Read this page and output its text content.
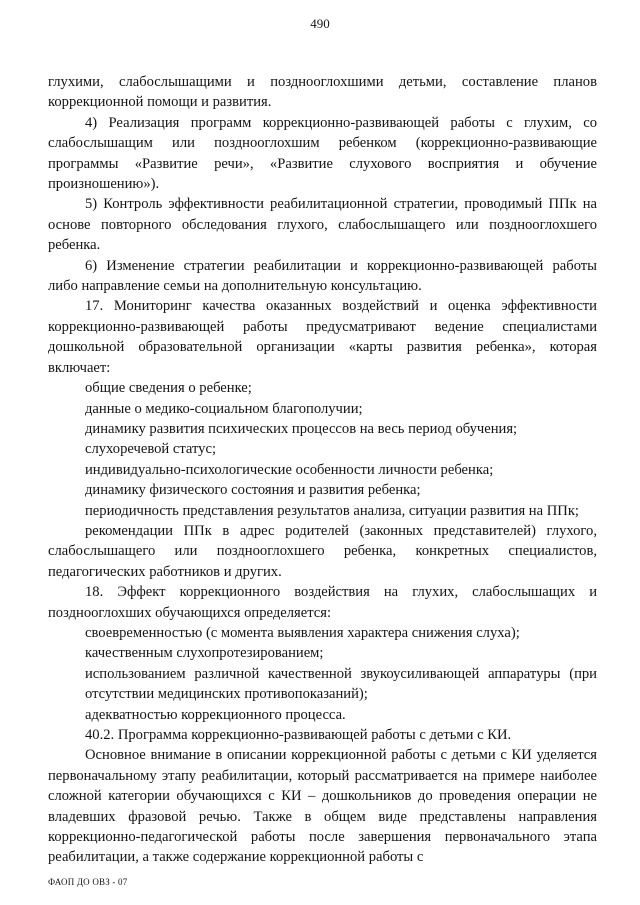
490

глухими, слабослышащими и позднооглохшими детьми, составление планов коррекционной помощи и развития.

4) Реализация программ коррекционно-развивающей работы с глухим, со слабослышащим или позднооглохшим ребенком (коррекционно-развивающие программы «Развитие речи», «Развитие слухового восприятия и обучение произношению»).

5) Контроль эффективности реабилитационной стратегии, проводимый ППк на основе повторного обследования глухого, слабослышащего или позднооглохшего ребенка.

6) Изменение стратегии реабилитации и коррекционно-развивающей работы либо направление семьи на дополнительную консультацию.

17. Мониторинг качества оказанных воздействий и оценка эффективности коррекционно-развивающей работы предусматривают ведение специалистами дошкольной образовательной организации «карты развития ребенка», которая включает:

общие сведения о ребенке;

данные о медико-социальном благополучии;

динамику развития психических процессов на весь период обучения;

слухоречевой статус;

индивидуально-психологические особенности личности ребенка;

динамику физического состояния и развития ребенка;

периодичность представления результатов анализа, ситуации развития на ППк;

рекомендации ППк в адрес родителей (законных представителей) глухого, слабослышащего или позднооглохшего ребенка, конкретных специалистов, педагогических работников и других.

18. Эффект коррекционного воздействия на глухих, слабослышащих и позднооглохших обучающихся определяется:

своевременностью (с момента выявления характера снижения слуха);

качественным слухопротезированием;

использованием различной качественной звукоусиливающей аппаратуры (при отсутствии медицинских противопоказаний);

адекватностью коррекционного процесса.

40.2. Программа коррекционно-развивающей работы с детьми с КИ.

Основное внимание в описании коррекционной работы с детьми с КИ уделяется первоначальному этапу реабилитации, который рассматривается на примере наиболее сложной категории обучающихся с КИ – дошкольников до проведения операции не владевших фразовой речью. Также в общем виде представлены направления коррекционно-педагогической работы после завершения первоначального этапа реабилитации, а также содержание коррекционной работы с

ФАОП ДО ОВЗ - 07
